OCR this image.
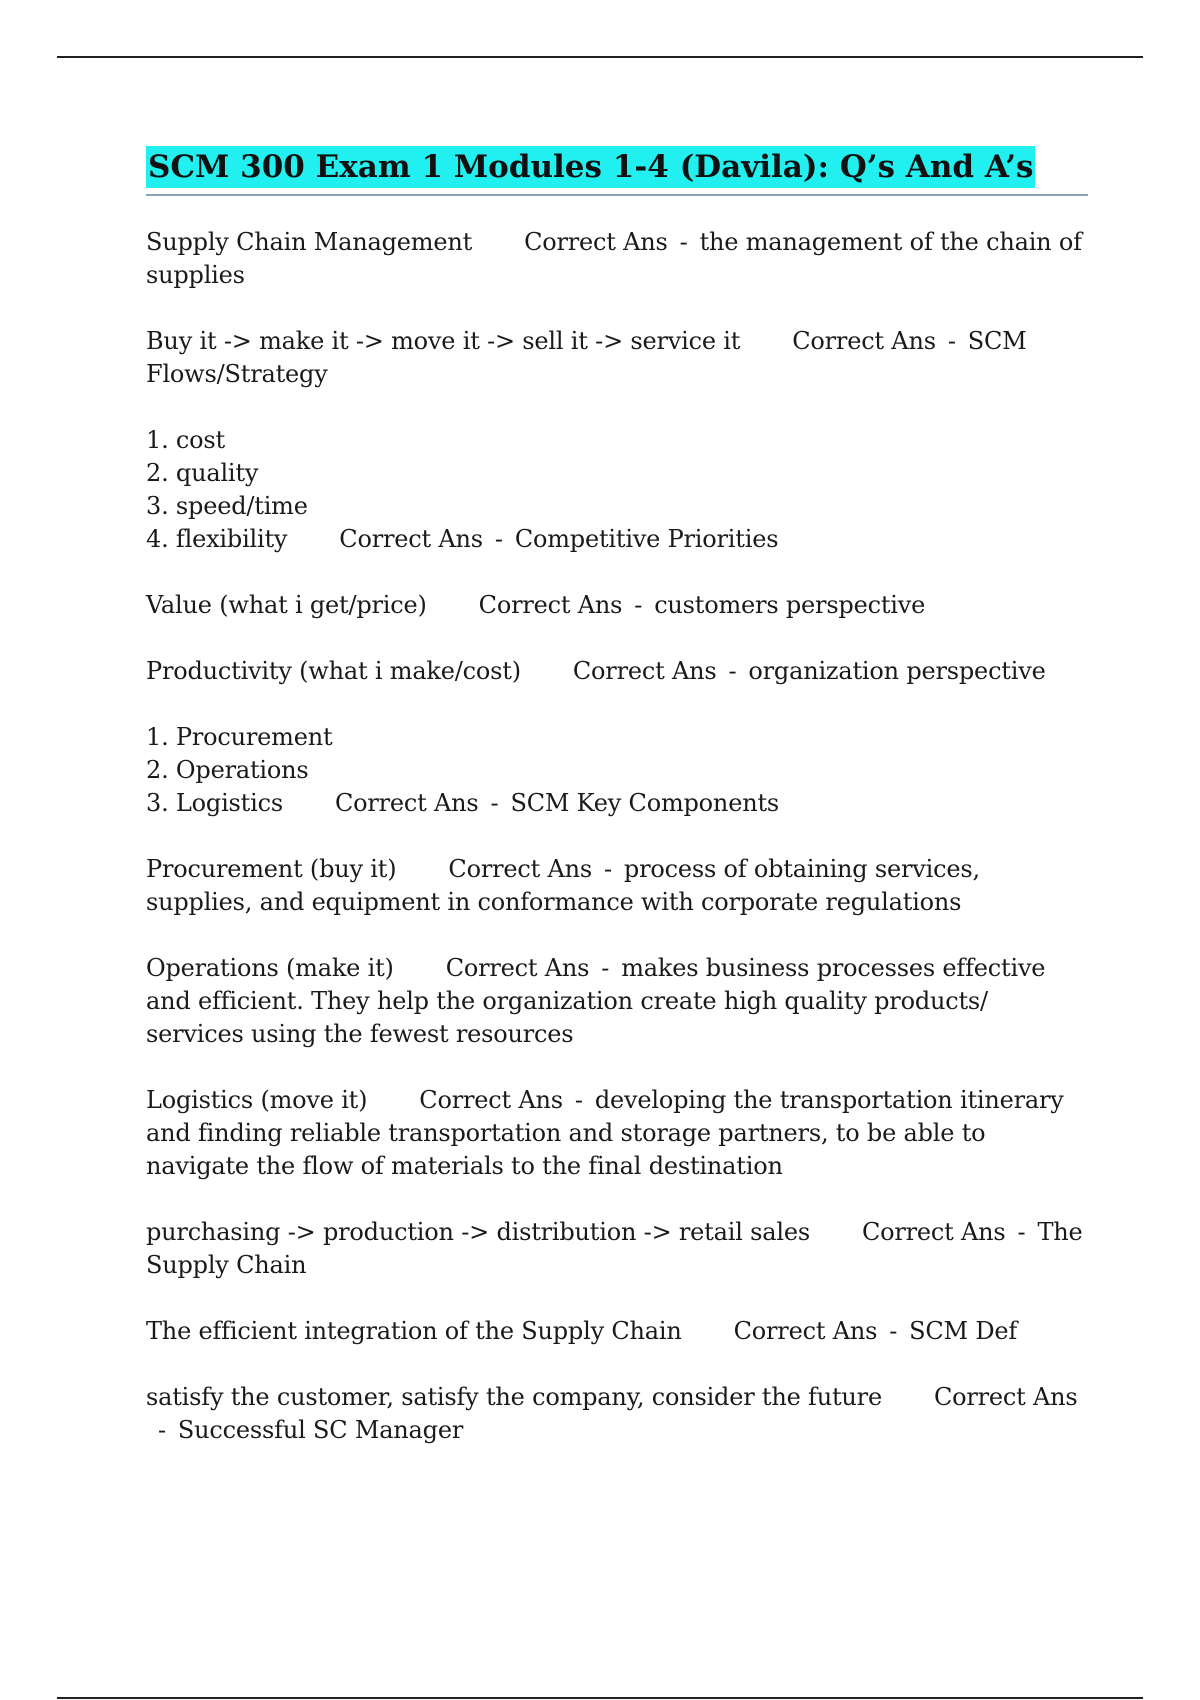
SCM 300 Exam 1 Modules 1-4 (Davila): Q’s And A’s
Supply Chain Management Correct Ans - the management of the chain of supplies
Buy it -> make it -> move it -> sell it -> service it Correct Ans - SCM Flows/Strategy
1. cost
2. quality
3. speed/time
4. flexibility Correct Ans - Competitive Priorities
Value (what i get/price) Correct Ans - customers perspective
Productivity (what i make/cost) Correct Ans - organization perspective
1. Procurement
2. Operations
3. Logistics Correct Ans - SCM Key Components
Procurement (buy it) Correct Ans - process of obtaining services, supplies, and equipment in conformance with corporate regulations
Operations (make it) Correct Ans - makes business processes effective and efficient. They help the organization create high quality products/ services using the fewest resources
Logistics (move it) Correct Ans - developing the transportation itinerary and finding reliable transportation and storage partners, to be able to navigate the flow of materials to the final destination
purchasing -> production -> distribution -> retail sales Correct Ans - The Supply Chain
The efficient integration of the Supply Chain Correct Ans - SCM Def
satisfy the customer, satisfy the company, consider the future Correct Ans- Successful SC Manager
